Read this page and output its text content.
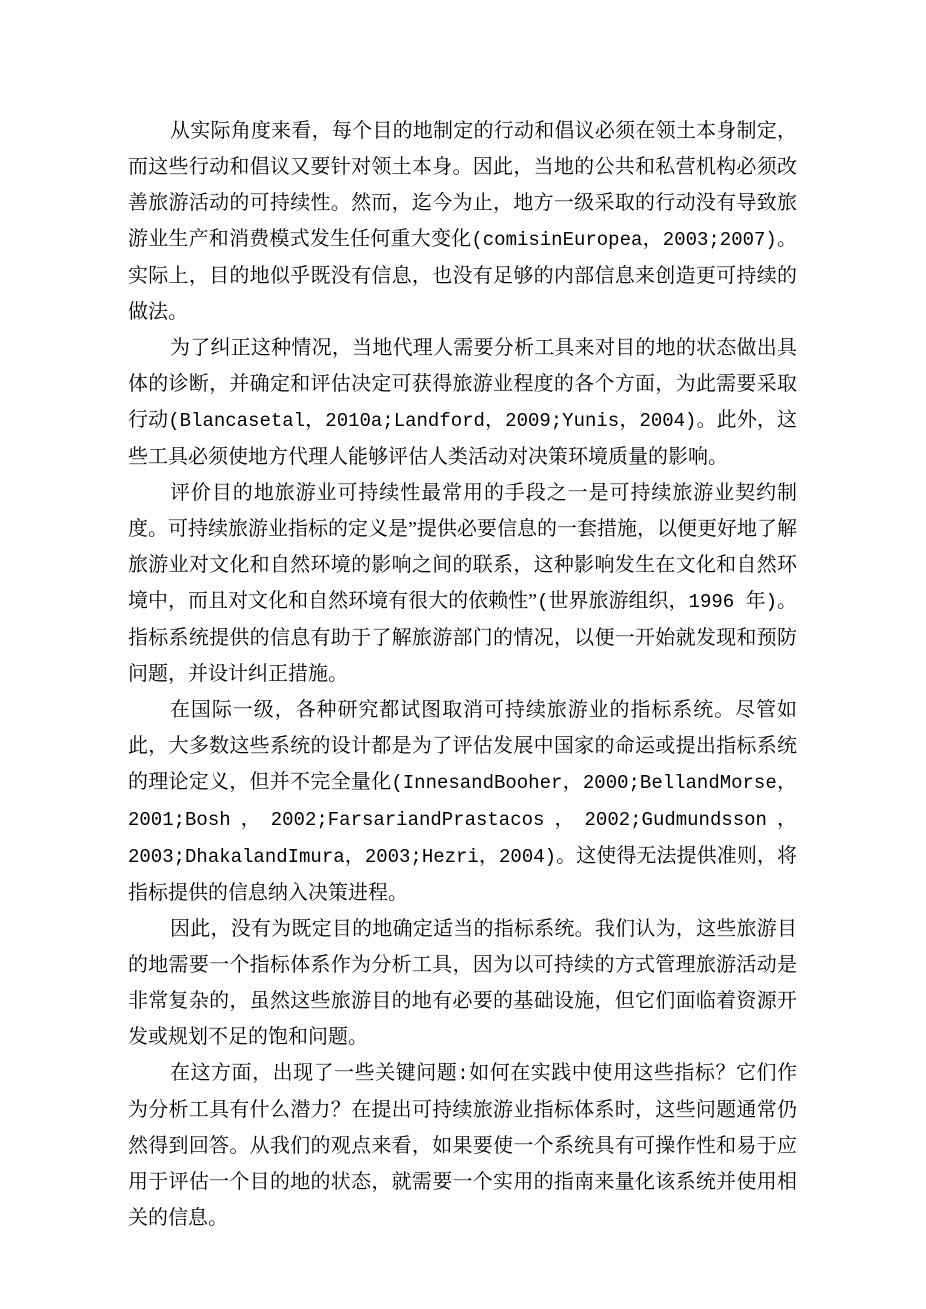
从实际角度来看，每个目的地制定的行动和倡议必须在领土本身制定，而这些行动和倡议又要针对领土本身。因此，当地的公共和私营机构必须改善旅游活动的可持续性。然而，迄今为止，地方一级采取的行动没有导致旅游业生产和消费模式发生任何重大变化(comisinEuropea，2003;2007)。实际上，目的地似乎既没有信息，也没有足够的内部信息来创造更可持续的做法。

为了纠正这种情况，当地代理人需要分析工具来对目的地的状态做出具体的诊断，并确定和评估决定可获得旅游业程度的各个方面，为此需要采取行动(Blancasetal，2010a;Landford，2009;Yunis，2004)。此外，这些工具必须使地方代理人能够评估人类活动对决策环境质量的影响。

评价目的地旅游业可持续性最常用的手段之一是可持续旅游业契约制度。可持续旅游业指标的定义是”提供必要信息的一套措施，以便更好地了解旅游业对文化和自然环境的影响之间的联系，这种影响发生在文化和自然环境中，而且对文化和自然环境有很大的依赖性”(世界旅游组织，1996 年)。指标系统提供的信息有助于了解旅游部门的情况，以便一开始就发现和预防问题，并设计纠正措施。

在国际一级，各种研究都试图取消可持续旅游业的指标系统。尽管如此，大多数这些系统的设计都是为了评估发展中国家的命运或提出指标系统的理论定义，但并不完全量化(InnesandBooher，2000;BellandMorse，2001;Bosh，2002;FarsariandPrastacos，2002;Gudmundsson，2003;DhakalandImura，2003;Hezri，2004)。这使得无法提供准则，将指标提供的信息纳入决策进程。

因此，没有为既定目的地确定适当的指标系统。我们认为，这些旅游目的地需要一个指标体系作为分析工具，因为以可持续的方式管理旅游活动是非常复杂的，虽然这些旅游目的地有必要的基础设施，但它们面临着资源开发或规划不足的饱和问题。

在这方面，出现了一些关键问题:如何在实践中使用这些指标？它们作为分析工具有什么潜力？在提出可持续旅游业指标体系时，这些问题通常仍然得到回答。从我们的观点来看，如果要使一个系统具有可操作性和易于应用于评估一个目的地的状态，就需要一个实用的指南来量化该系统并使用相关的信息。
